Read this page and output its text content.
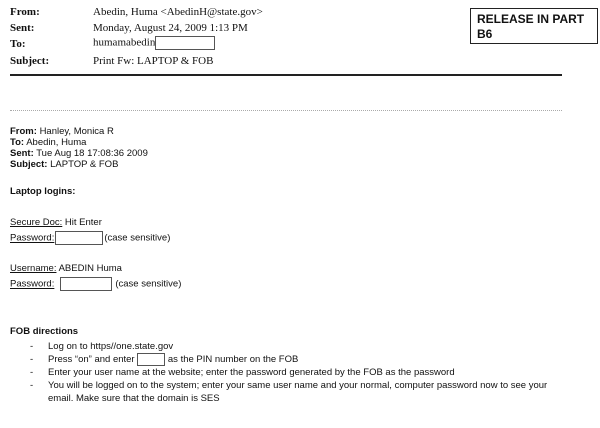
From:	Abedin, Huma <AbedinH@state.gov>
Sent:	Monday, August 24, 2009 1:13 PM
To:	humamabedin
Subject:	Print Fw: LAPTOP & FOB
RELEASE IN PART
B6
From: Hanley, Monica R
To: Abedin, Huma
Sent: Tue Aug 18 17:08:36 2009
Subject: LAPTOP & FOB
Laptop logins:
Secure Doc: Hit Enter
Password:	(case sensitive)
Username: ABEDIN Huma
Password:	(case sensitive)
FOB directions
- Log on to https//one.state.gov
- Press “on” and enter	as the PIN number on the FOB
- Enter your user name at the website; enter the password generated by the FOB as the password
- You will be logged on to the system; enter your same user name and your normal, computer password now to see your email. Make sure that the domain is SES
